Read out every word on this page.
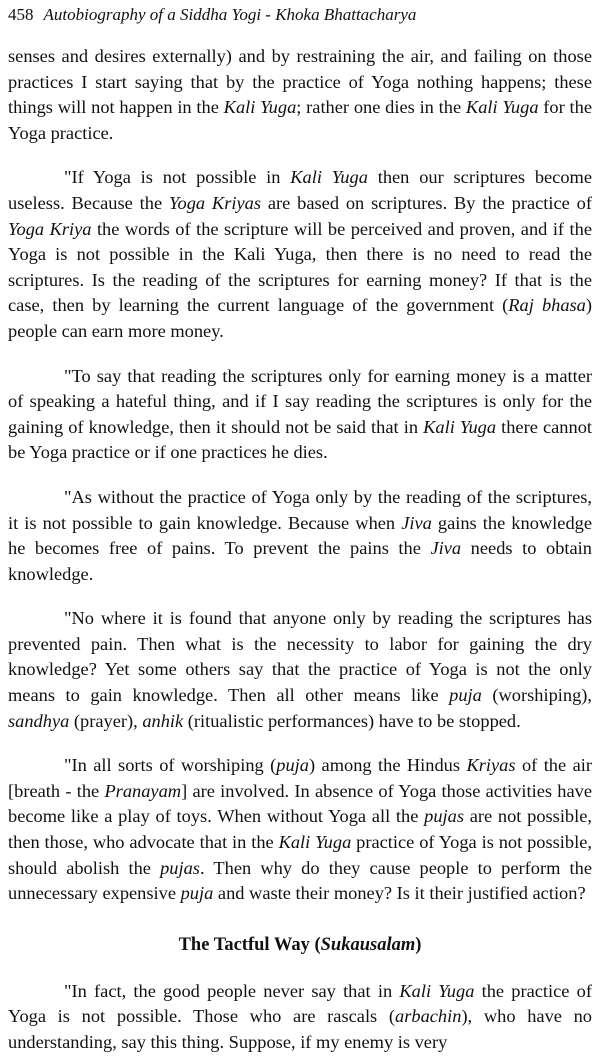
458 Autobiography of a Siddha Yogi - Khoka Bhattacharya

senses and desires externally) and by restraining the air, and failing on those practices I start saying that by the practice of Yoga nothing happens; these things will not happen in the Kali Yuga; rather one dies in the Kali Yuga for the Yoga practice.

"If Yoga is not possible in Kali Yuga then our scriptures become useless. Because the Yoga Kriyas are based on scriptures. By the practice of Yoga Kriya the words of the scripture will be perceived and proven, and if the Yoga is not possible in the Kali Yuga, then there is no need to read the scriptures. Is the reading of the scriptures for earning money? If that is the case, then by learning the current language of the government (Raj bhasa) people can earn more money.

"To say that reading the scriptures only for earning money is a matter of speaking a hateful thing, and if I say reading the scriptures is only for the gaining of knowledge, then it should not be said that in Kali Yuga there cannot be Yoga practice or if one practices he dies.

"As without the practice of Yoga only by the reading of the scriptures, it is not possible to gain knowledge. Because when Jiva gains the knowledge he becomes free of pains. To prevent the pains the Jiva needs to obtain knowledge.

"No where it is found that anyone only by reading the scriptures has prevented pain. Then what is the necessity to labor for gaining the dry knowledge? Yet some others say that the practice of Yoga is not the only means to gain knowledge. Then all other means like puja (worshiping), sandhya (prayer), anhik (ritualistic performances) have to be stopped.

"In all sorts of worshiping (puja) among the Hindus Kriyas of the air [breath - the Pranayam] are involved. In absence of Yoga those activities have become like a play of toys. When without Yoga all the pujas are not possible, then those, who advocate that in the Kali Yuga practice of Yoga is not possible, should abolish the pujas. Then why do they cause people to perform the unnecessary expensive puja and waste their money? Is it their justified action?

The Tactful Way (Sukausalam)

"In fact, the good people never say that in Kali Yuga the practice of Yoga is not possible. Those who are rascals (arbachin), who have no understanding, say this thing. Suppose, if my enemy is very
